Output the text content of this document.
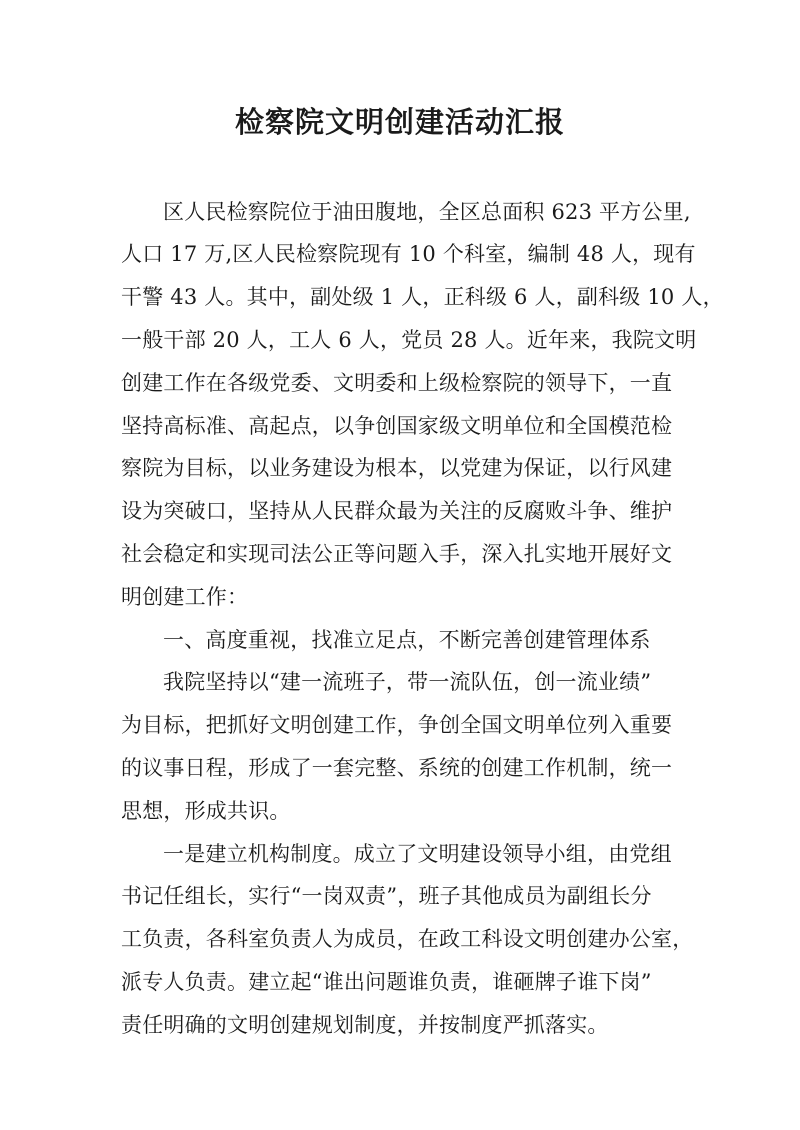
检察院文明创建活动汇报
区人民检察院位于油田腹地，全区总面积 623 平方公里,
人口 17 万,区人民检察院现有 10 个科室，编制 48 人，现有
干警 43 人。其中，副处级 1 人，正科级 6 人，副科级 10 人，
一般干部 20 人，工人 6 人，党员 28 人。近年来，我院文明
创建工作在各级党委、文明委和上级检察院的领导下，一直
坚持高标准、高起点，以争创国家级文明单位和全国模范检
察院为目标，以业务建设为根本，以党建为保证，以行风建
设为突破口，坚持从人民群众最为关注的反腐败斗争、维护
社会稳定和实现司法公正等问题入手，深入扎实地开展好文
明创建工作：
一、高度重视，找准立足点，不断完善创建管理体系
我院坚持以“建一流班子，带一流队伍，创一流业绩”
为目标，把抓好文明创建工作，争创全国文明单位列入重要
的议事日程，形成了一套完整、系统的创建工作机制，统一
思想，形成共识。
一是建立机构制度。成立了文明建设领导小组，由党组
书记任组长，实行“一岗双责”，班子其他成员为副组长分
工负责，各科室负责人为成员，在政工科设文明创建办公室，
派专人负责。建立起“谁出问题谁负责，谁砸牌子谁下岗”
责任明确的文明创建规划制度，并按制度严抓落实。
